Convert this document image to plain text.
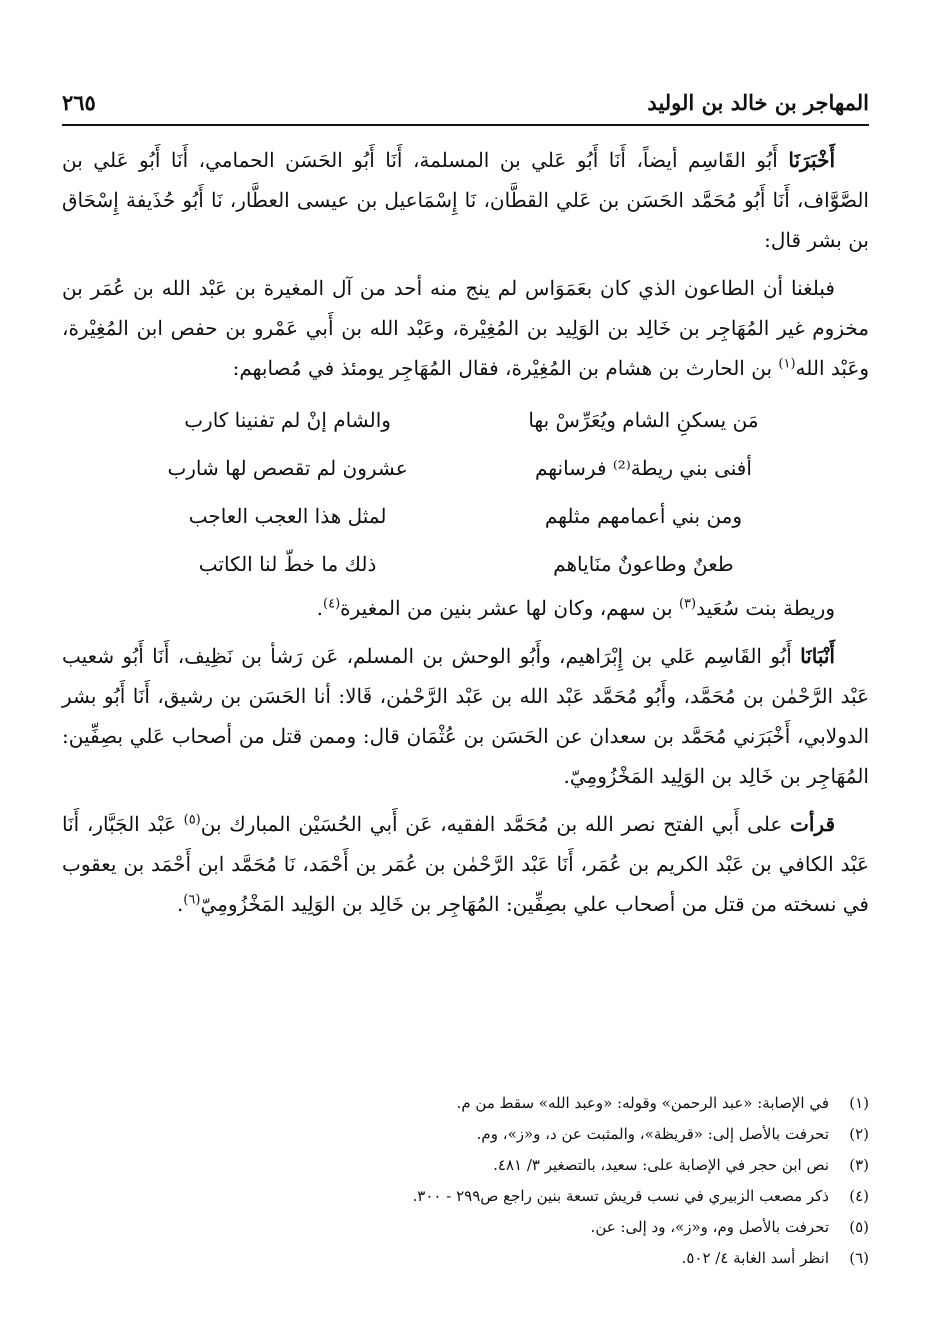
المهاجر بن خالد بن الوليد
٢٦٥

أَخْبَرَنَا أَبُو القَاسِم أيضاً، أَنَا أَبُو عَلي بن المسلمة، أَنَا أَبُو الحَسَن الحمامي، أَنَا أَبُو عَلي بن الصَّوَّاف، أَنَا أَبُو مُحَمَّد الحَسَن بن عَلي القطَّان، نَا إِسْمَاعيل بن عيسى العطَّار، نَا أَبُو حُذَيفة إِسْحَاق بن بشر قال:

فبلغنا أن الطاعون الذي كان بعَمَوَاس لم ينج منه أحد من آل المغيرة بن عَبْد الله بن عُمَر بن مخزوم غير المُهَاجِر بن خَالِد بن الوَلِيد بن المُغِيْرة، وعَبْد الله بن أَبي عَمْرو بن حفص ابن المُغِيْرة، وعَبْد الله$^{(١)}$ بن الحارث بن هشام بن المُغِيْرة، فقال المُهَاجِر يومئذ في مُصابهم:

مَن يسكنِ الشام ويُعَرِّسْ بها
والشام إنْ لم تفنينا كارب
أفنى بني ريطة⁽²⁾ فرسانهم
عشرون لم تقصص لها شارب
ومن بني أعمامهم مثلهم
لمثل هذا العجب العاجب
طعنٌ وطاعونٌ منَاياهم
ذلك ما خطّ لنا الكاتب

وريطة بنت سُعَيد$^{(٣)}$ بن سهم، وكان لها عشر بنين من المغيرة$^{(٤)}$.

أَنْبَانَا أَبُو القَاسِم عَلي بن إِبْرَاهيم، وأَبُو الوحش بن المسلم، عَن رَشأ بن نَظِيف، أَنَا أَبُو شعيب عَبْد الرَّحْمٰن بن مُحَمَّد، وأَبُو مُحَمَّد عَبْد الله بن عَبْد الرَّحْمٰن، قَالا: أنا الحَسَن بن رشيق، أَنَا أَبُو بشر الدولابي، أَخْبَرَني مُحَمَّد بن سعدان عن الحَسَن بن عُثْمَان قال: وممن قتل من أصحاب عَلي بصِفِّين: المُهَاجِر بن خَالِد بن الوَلِيد المَخْزُومِيّ.

قرأت على أَبي الفتح نصر الله بن مُحَمَّد الفقيه، عَن أَبي الحُسَيْن المبارك بن$^{(٥)}$ عَبْد الجَبَّار، أَنَا عَبْد الكافي بن عَبْد الكريم بن عُمَر، أَنَا عَبْد الرَّحْمٰن بن عُمَر بن أَحْمَد، نَا مُحَمَّد ابن أَحْمَد بن يعقوب في نسخته من قتل من أصحاب علي بصِفِّين: المُهَاجِر بن خَالِد بن الوَلِيد المَخْزُومِيّ$^{(٦)}$.

(١)
في الإصابة: «عبد الرحمن» وقوله: «وعبد الله» سقط من م.
(٢)
تحرفت بالأصل إلى: «قريظة»، والمثبت عن د، و«ز»، وم.
(٣)
نص ابن حجر في الإصابة على: سعيد، بالتصغير ٣/ ٤٨١.
(٤)
ذكر مصعب الزبيري في نسب قريش تسعة بنين راجع ص٢٩٩ - ٣٠٠.
(٥)
تحرفت بالأصل وم، و«ز»، ود إلى: عن.
(٦)
انظر أسد الغابة ٤/ ٥٠٢.
